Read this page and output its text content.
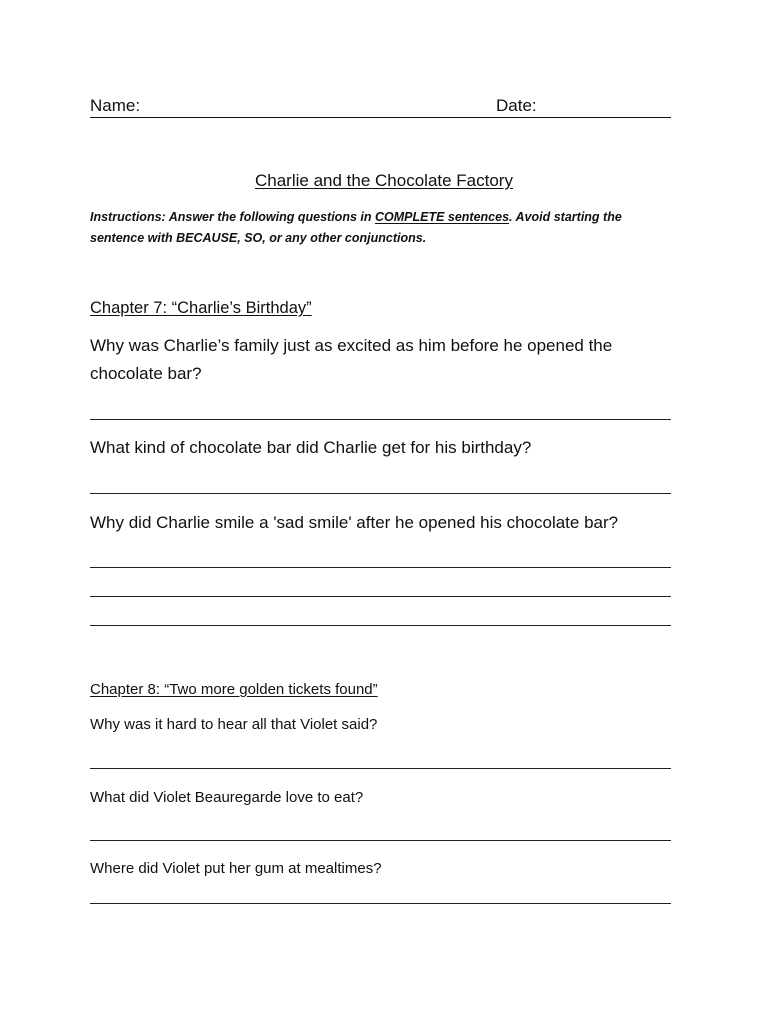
Name:	Date:
Charlie and the Chocolate Factory
Instructions: Answer the following questions in COMPLETE sentences. Avoid starting the sentence with BECAUSE, SO, or any other conjunctions.
Chapter 7: “Charlie’s Birthday”
Why was Charlie’s family just as excited as him before he opened the chocolate bar?
What kind of chocolate bar did Charlie get for his birthday?
Why did Charlie smile a 'sad smile' after he opened his chocolate bar?
Chapter 8: “Two more golden tickets found”
Why was it hard to hear all that Violet said?
What did Violet Beauregarde love to eat?
Where did Violet put her gum at mealtimes?
